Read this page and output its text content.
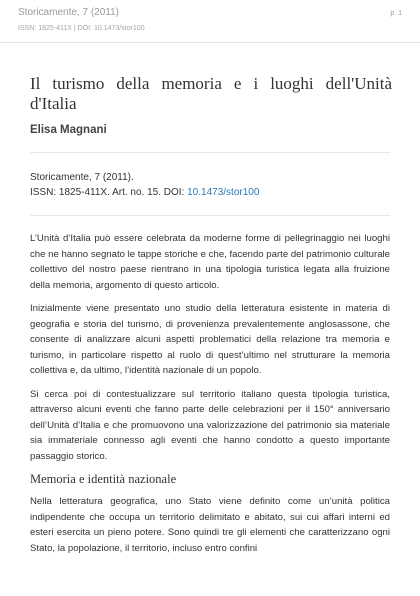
Storicamente, 7 (2011)
ISSN: 1825-411X | DOI: 10.1473/stor100
p. 1
Il turismo della memoria e i luoghi dell'Unità d'Italia
Elisa Magnani
Storicamente, 7 (2011).
ISSN: 1825-411X. Art. no. 15. DOI: 10.1473/stor100

L’Unità d’Italia può essere celebrata da moderne forme di pellegrinaggio nei luoghi che ne hanno segnato le tappe storiche e che, facendo parte del patrimonio culturale collettivo del nostro paese rientrano in una tipologia turistica legata alla fruizione della memoria, argomento di questo articolo.

Inizialmente viene presentato uno studio della letteratura esistente in materia di geografia e storia del turismo, di provenienza prevalentemente anglosassone, che consente di analizzare alcuni aspetti problematici della relazione tra memoria e turismo, in particolare rispetto al ruolo di quest’ultimo nel strutturare la memoria collettiva e, da ultimo, l’identità nazionale di un popolo.

Si cerca poi di contestualizzare sul territorio italiano questa tipologia turistica, attraverso alcuni eventi che fanno parte delle celebrazioni per il 150° anniversario dell’Unità d’Italia e che promuovono una valorizzazione del patrimonio sia materiale sia immateriale connesso agli eventi che hanno condotto a questo importante passaggio storico.

Memoria e identità nazionale

Nella letteratura geografica, uno Stato viene definito come un’unità politica indipendente che occupa un territorio delimitato e abitato, sui cui affari interni ed esteri esercita un pieno potere. Sono quindi tre gli elementi che caratterizzano ogni Stato, la popolazione, il territorio, incluso entro confini
